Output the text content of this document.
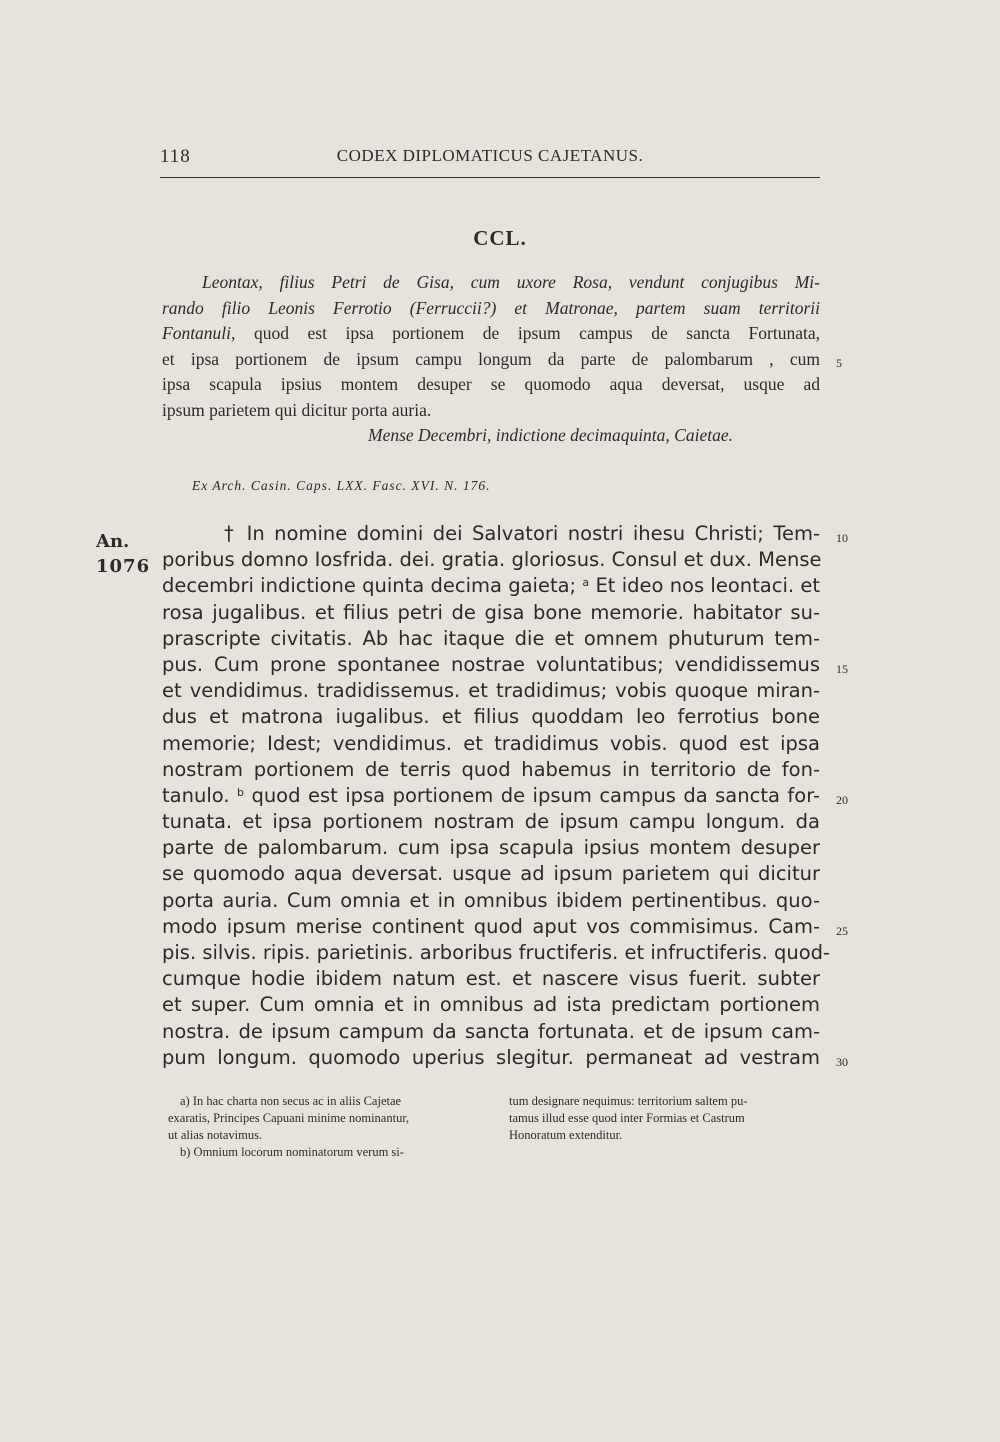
118	CODEX DIPLOMATICUS CAJETANUS.
CCL.
Leontax, filius Petri de Gisa, cum uxore Rosa, vendunt conjugibus Mi-
rando filio Leonis Ferrotio (Ferruccii?) et Matronae, partem suam territorii
Fontanuli, quod est ipsa portionem de ipsum campus de sancta Fortunata,
et ipsa portionem de ipsum campu longum da parte de palombarum , cum
ipsa scapula ipsius montem desuper se quomodo aqua deversat, usque ad
ipsum parietem qui dicitur porta auria.
Mense Decembri, indictione decimaquinta, Caietae.
Ex Arch. Casin. Caps. LXX. Fasc. XVI. N. 176.
An.
1076
† In nomine domini dei Salvatori nostri ihesu Christi; Tem-
poribus domno Iosfrida. dei. gratia. gloriosus. Consul et dux. Mense
decembri indictione quinta decima gaieta; $^a$ Et ideo nos leontaci. et
rosa jugalibus. et filius petri de gisa bone memorie. habitator su-
prascripte civitatis. Ab hac itaque die et omnem phuturum tem-
pus. Cum prone spontanee nostrae voluntatibus; vendidissemus
et vendidimus. tradidissemus. et tradidimus; vobis quoque miran-
dus et matrona iugalibus. et filius quoddam leo ferrotius bone
memorie; Idest; vendidimus. et tradidimus vobis. quod est ipsa
nostram portionem de terris quod habemus in territorio de fon-
tanulo. $^b$ quod est ipsa portionem de ipsum campus da sancta for-
tunata. et ipsa portionem nostram de ipsum campu longum. da
parte de palombarum. cum ipsa scapula ipsius montem desuper
se quomodo aqua deversat. usque ad ipsum parietem qui dicitur
porta auria. Cum omnia et in omnibus ibidem pertinentibus. quo-
modo ipsum merise continent quod aput vos commisimus. Cam-
pis. silvis. ripis. parietinis. arboribus fructiferis. et infructiferis. quod-
cumque hodie ibidem natum est. et nascere visus fuerit. subter
et super. Cum omnia et in omnibus ad ista predictam portionem
nostra. de ipsum campum da sancta fortunata. et de ipsum cam-
pum longum. quomodo uperius slegitur. permaneat ad vestram
5
10
15
20
25
30
a) In hac charta non secus ac in aliis Cajetae
exaratis, Principes Capuani minime nominantur,
ut alias notavimus.
b) Omnium locorum nominatorum verum si-
tum designare nequimus: territorium saltem pu-
tamus illud esse quod inter Formias et Castrum
Honoratum extenditur.
